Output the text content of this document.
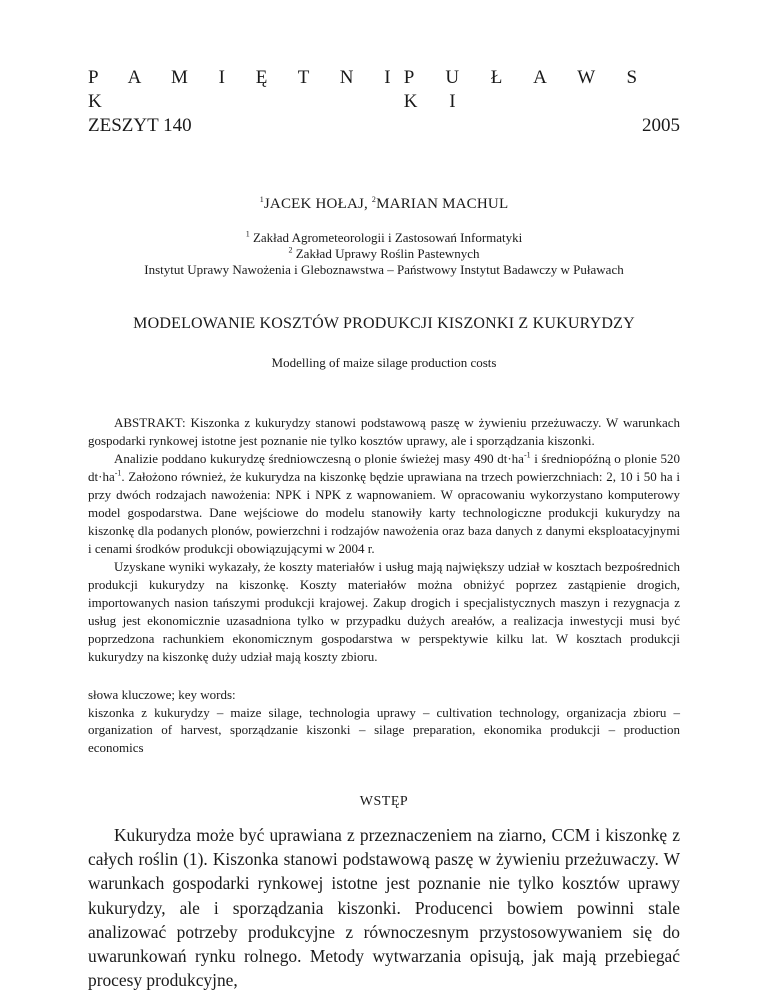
P A M I Ę T N I K
P U Ł A W S K I
ZESZYT 140	2005
$^1$JACEK HOŁAJ, $^2$MARIAN MACHUL
$^1$ Zakład Agrometeorologii i Zastosowań Informatyki
$^2$ Zakład Uprawy Roślin Pastewnych
Instytut Uprawy Nawożenia i Gleboznawstwa – Państwowy Instytut Badawczy w Puławach
MODELOWANIE KOSZTÓW PRODUKCJI KISZONKI Z KUKURYDZY
Modelling of maize silage production costs

ABSTRAKT: Kiszonka z kukurydzy stanowi podstawową paszę w żywieniu przeżuwaczy. W warunkach gospodarki rynkowej istotne jest poznanie nie tylko kosztów uprawy, ale i sporządzania kiszonki.

Analizie poddano kukurydzę średniowczesną o plonie świeżej masy 490 $dt\cdot ha^{-1}$ i średniopóźną o plonie 520 $dt\cdot ha^{-1}$. Założono również, że kukurydza na kiszonkę będzie uprawiana na trzech powierzchniach: 2, 10 i 50 ha i przy dwóch rodzajach nawożenia: NPK i NPK z wapnowaniem. W opracowaniu wykorzystano komputerowy model gospodarstwa. Dane wejściowe do modelu stanowiły karty technologiczne produkcji kukurydzy na kiszonkę dla podanych plonów, powierzchni i rodzajów nawożenia oraz baza danych z danymi eksploatacyjnymi i cenami środków produkcji obowiązującymi w 2004 r.

Uzyskane wyniki wykazały, że koszty materiałów i usług mają największy udział w kosztach bezpośrednich produkcji kukurydzy na kiszonkę. Koszty materiałów można obniżyć poprzez zastąpienie drogich, importowanych nasion tańszymi produkcji krajowej. Zakup drogich i specjalistycznych maszyn i rezygnacja z usług jest ekonomicznie uzasadniona tylko w przypadku dużych areałów, a realizacja inwestycji musi być poprzedzona rachunkiem ekonomicznym gospodarstwa w perspektywie kilku lat. W kosztach produkcji kukurydzy na kiszonkę duży udział mają koszty zbioru.

słowa kluczowe; key words:
kiszonka z kukurydzy – maize silage, technologia uprawy – cultivation technology, organizacja zbioru – organization of harvest, sporządzanie kiszonki – silage preparation, ekonomika produkcji – production economics
WSTĘP

Kukurydza może być uprawiana z przeznaczeniem na ziarno, CCM i kiszonkę z całych roślin (1). Kiszonka stanowi podstawową paszę w żywieniu przeżuwaczy. W warunkach gospodarki rynkowej istotne jest poznanie nie tylko kosztów uprawy kukurydzy, ale i sporządzania kiszonki. Producenci bowiem powinni stale analizować potrzeby produkcyjne z równoczesnym przystosowywaniem się do uwarunkowań rynku rolnego. Metody wytwarzania opisują, jak mają przebiegać procesy produkcyjne,
